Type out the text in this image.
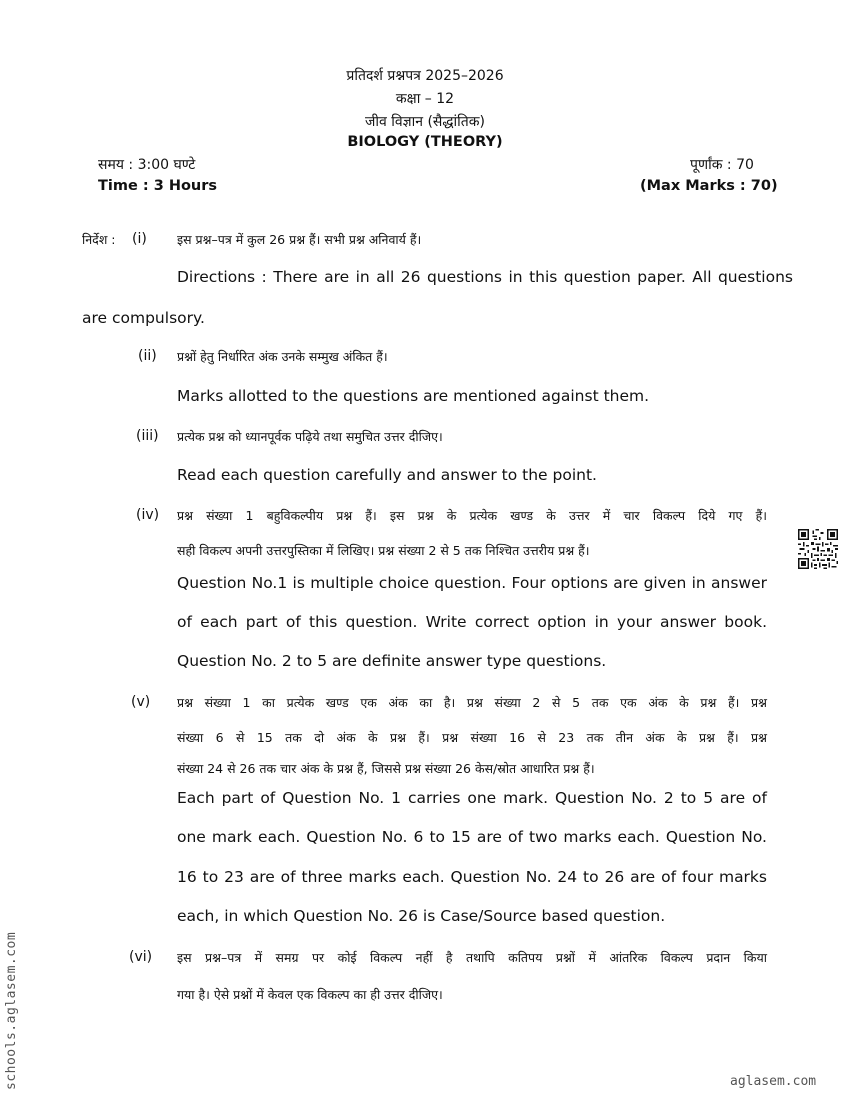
प्रतिदर्श प्रश्नपत्र 2025–2026
कक्षा – 12
जीव विज्ञान (सैद्धांतिक)
BIOLOGY (THEORY)
समय : 3:00 घण्टे	पूर्णांक : 70
Time : 3 Hours	(Max Marks : 70)
निर्देश : (i) इस प्रश्न–पत्र में कुल 26 प्रश्न हैं। सभी प्रश्न अनिवार्य हैं।
Directions : There are in all 26 questions in this question paper. All questions
are compulsory.
(ii) प्रश्नों हेतु निर्धारित अंक उनके सम्मुख अंकित हैं।
Marks allotted to the questions are mentioned against them.
(iii) प्रत्येक प्रश्न को ध्यानपूर्वक पढ़िये तथा समुचित उत्तर दीजिए।
Read each question carefully and answer to the point.
(iv) प्रश्न संख्या 1 बहुविकल्पीय प्रश्न हैं। इस प्रश्न के प्रत्येक खण्ड के उत्तर में चार विकल्प दिये गए हैं।
सही विकल्प अपनी उत्तरपुस्तिका में लिखिए। प्रश्न संख्या 2 से 5 तक निश्चित उत्तरीय प्रश्न हैं।
Question No.1 is multiple choice question. Four options are given in answer
of each part of this question. Write correct option in your answer book.
Question No. 2 to 5 are definite answer type questions.
(v) प्रश्न संख्या 1 का प्रत्येक खण्ड एक अंक का है। प्रश्न संख्या 2 से 5 तक एक अंक के प्रश्न हैं। प्रश्न
संख्या 6 से 15 तक दो अंक के प्रश्न हैं। प्रश्न संख्या 16 से 23 तक तीन अंक के प्रश्न हैं। प्रश्न
संख्या 24 से 26 तक चार अंक के प्रश्न हैं, जिससे प्रश्न संख्या 26 केस/स्रोत आधारित प्रश्न हैं।
Each part of Question No. 1 carries one mark. Question No. 2 to 5 are of
one mark each. Question No. 6 to 15 are of two marks each. Question No.
16 to 23 are of three marks each. Question No. 24 to 26 are of four marks
each, in which Question No. 26 is Case/Source based question.
(vi) इस प्रश्न–पत्र में समग्र पर कोई विकल्प नहीं है तथापि कतिपय प्रश्नों में आंतरिक विकल्प प्रदान किया
गया है। ऐसे प्रश्नों में केवल एक विकल्प का ही उत्तर दीजिए।
schools.aglasem.com	aglasem.com
